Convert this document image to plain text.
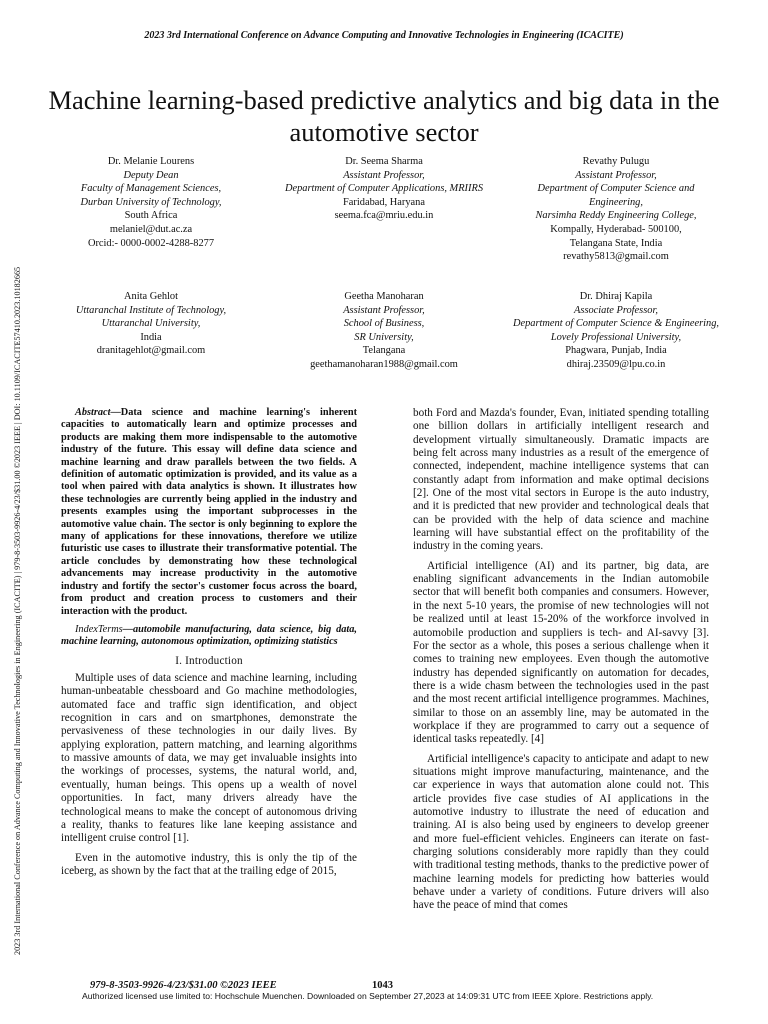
2023 3rd International Conference on Advance Computing and Innovative Technologies in Engineering (ICACITE)
2023 3rd International Conference on Advance Computing and Innovative Technologies in Engineering (ICACITE) | 979-8-3503-9926-4/23/$31.00 ©2023 IEEE | DOI: 10.1109/ICACITE57410.2023.10182665
Machine learning-based predictive analytics and big data in the automotive sector
Dr. Melanie Lourens
Deputy Dean
Faculty of Management Sciences,
Durban University of Technology,
South Africa
melaniel@dut.ac.za
Orcid:- 0000-0002-4288-8277
Dr. Seema Sharma
Assistant Professor,
Department of Computer Applications, MRIIRS
Faridabad, Haryana
seema.fca@mriu.edu.in
Revathy Pulugu
Assistant Professor,
Department of Computer Science and Engineering,
Narsimha Reddy Engineering College,
Kompally, Hyderabad- 500100,
Telangana State, India
revathy5813@gmail.com
Anita Gehlot
Uttaranchal Institute of Technology,
Uttaranchal University,
India
dranitagehlot@gmail.com
Geetha Manoharan
Assistant Professor,
School of Business,
SR University,
Telangana
geethamanoharan1988@gmail.com
Dr. Dhiraj Kapila
Associate Professor,
Department of Computer Science & Engineering,
Lovely Professional University,
Phagwara, Punjab, India
dhiraj.23509@lpu.co.in

Abstract—Data science and machine learning's inherent capacities to automatically learn and optimize processes and products are making them more indispensable to the automotive industry of the future. This essay will define data science and machine learning and draw parallels between the two fields. A definition of automatic optimization is provided, and its value as a tool when paired with data analytics is shown. It illustrates how these technologies are currently being applied in the industry and presents examples using the important subprocesses in the automotive value chain. The sector is only beginning to explore the many of applications for these innovations, therefore we utilize futuristic use cases to illustrate their transformative potential. The article concludes by demonstrating how these technological advancements may increase productivity in the automotive industry and fortify the sector's customer focus across the board, from product and creation process to customers and their interaction with the product.

IndexTerms—automobile manufacturing, data science, big data, machine learning, autonomous optimization, optimizing statistics

I. Introduction

Multiple uses of data science and machine learning, including human-unbeatable chessboard and Go machine methodologies, automated face and traffic sign identification, and object recognition in cars and on smartphones, demonstrate the pervasiveness of these technologies in our daily lives. By applying exploration, pattern matching, and learning algorithms to massive amounts of data, we may get invaluable insights into the workings of processes, systems, the natural world, and, eventually, human beings. This opens up a wealth of novel opportunities. In fact, many drivers already have the technological means to make the concept of autonomous driving a reality, thanks to features like lane keeping assistance and intelligent cruise control [1].

Even in the automotive industry, this is only the tip of the iceberg, as shown by the fact that at the trailing edge of 2015,

both Ford and Mazda's founder, Evan, initiated spending totalling one billion dollars in artificially intelligent research and development virtually simultaneously. Dramatic impacts are being felt across many industries as a result of the emergence of connected, independent, machine intelligence systems that can constantly adapt from information and make optimal decisions [2]. One of the most vital sectors in Europe is the auto industry, and it is predicted that new provider and technological deals that can be provided with the help of data science and machine learning will have substantial effect on the profitability of the industry in the coming years.

Artificial intelligence (AI) and its partner, big data, are enabling significant advancements in the Indian automobile sector that will benefit both companies and consumers. However, in the next 5-10 years, the promise of new technologies will not be realized until at least 15-20% of the workforce involved in automobile production and suppliers is tech- and AI-savvy [3]. For the sector as a whole, this poses a serious challenge when it comes to training new employees. Even though the automotive industry has depended significantly on automation for decades, there is a wide chasm between the technologies used in the past and the most recent artificial intelligence programmes. Machines, similar to those on an assembly line, may be automated in the workplace if they are programmed to carry out a sequence of identical tasks repeatedly. [4]

Artificial intelligence's capacity to anticipate and adapt to new situations might improve manufacturing, maintenance, and the car experience in ways that automation alone could not. This article provides five case studies of AI applications in the automotive industry to illustrate the need of education and training. AI is also being used by engineers to develop greener and more fuel-efficient vehicles. Engineers can iterate on fast-charging solutions considerably more rapidly than they could with traditional testing methods, thanks to the predictive power of machine learning models for predicting how batteries would behave under a variety of conditions. Future drivers will also have the peace of mind that comes

979-8-3503-9926-4/23/$31.00 ©2023 IEEE	1043
Authorized licensed use limited to: Hochschule Muenchen. Downloaded on September 27,2023 at 14:09:31 UTC from IEEE Xplore. Restrictions apply.
